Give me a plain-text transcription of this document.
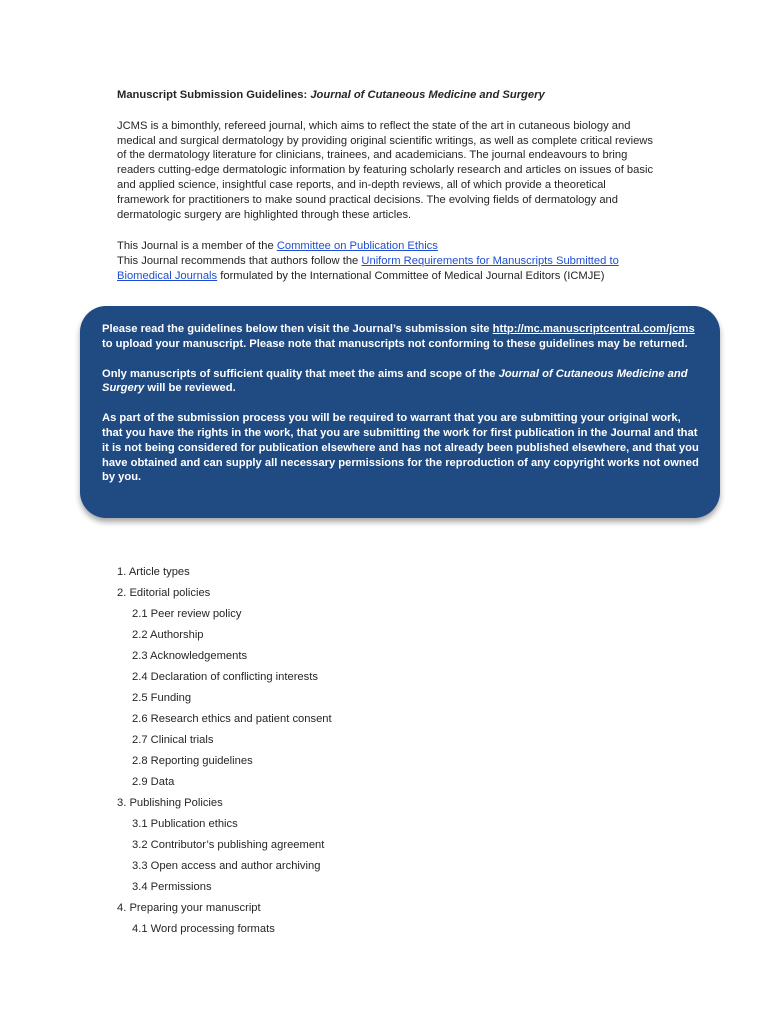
Manuscript Submission Guidelines: Journal of Cutaneous Medicine and Surgery

JCMS is a bimonthly, refereed journal, which aims to reflect the state of the art in cutaneous biology and medical and surgical dermatology by providing original scientific writings, as well as complete critical reviews of the dermatology literature for clinicians, trainees, and academicians. The journal endeavours to bring readers cutting-edge dermatologic information by featuring scholarly research and articles on issues of basic and applied science, insightful case reports, and in-depth reviews, all of which provide a theoretical framework for practitioners to make sound practical decisions. The evolving fields of dermatology and dermatologic surgery are highlighted through these articles.

This Journal is a member of the Committee on Publication Ethics

This Journal recommends that authors follow the Uniform Requirements for Manuscripts Submitted to Biomedical Journals formulated by the International Committee of Medical Journal Editors (ICMJE)

Please read the guidelines below then visit the Journal’s submission site http://mc.manuscriptcentral.com/jcms to upload your manuscript. Please note that manuscripts not conforming to these guidelines may be returned.

Only manuscripts of sufficient quality that meet the aims and scope of the Journal of Cutaneous Medicine and Surgery will be reviewed.

As part of the submission process you will be required to warrant that you are submitting your original work, that you have the rights in the work, that you are submitting the work for first publication in the Journal and that it is not being considered for publication elsewhere and has not already been published elsewhere, and that you have obtained and can supply all necessary permissions for the reproduction of any copyright works not owned by you.

1. Article types
2. Editorial policies
2.1 Peer review policy
2.2 Authorship
2.3 Acknowledgements
2.4 Declaration of conflicting interests
2.5 Funding
2.6 Research ethics and patient consent
2.7 Clinical trials
2.8 Reporting guidelines
2.9 Data
3. Publishing Policies
3.1 Publication ethics
3.2 Contributor’s publishing agreement
3.3 Open access and author archiving
3.4 Permissions
4. Preparing your manuscript
4.1 Word processing formats
